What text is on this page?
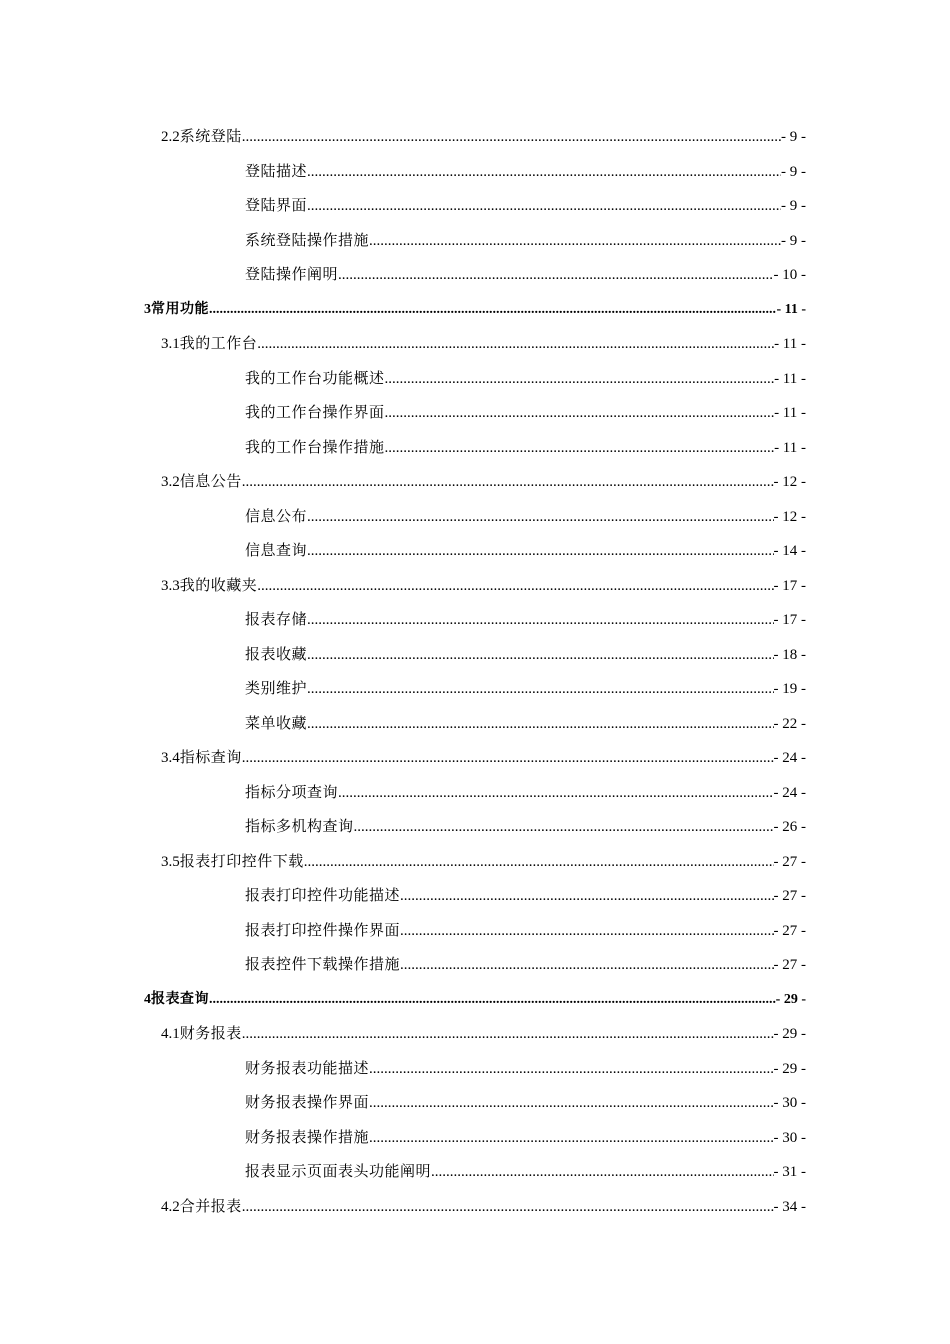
2.2 系统登陆 .....	- 9 -
登陆描述 .....	- 9 -
登陆界面 .....	- 9 -
系统登陆操作措施 .....	- 9 -
登陆操作阐明 .....	- 10 -
3 常用功能 .....	- 11 -
3.1 我的工作台 .....	- 11 -
我的工作台功能概述 .....	- 11 -
我的工作台操作界面 .....	- 11 -
我的工作台操作措施 .....	- 11 -
3.2 信息公告 .....	- 12 -
信息公布 .....	- 12 -
信息查询 .....	- 14 -
3.3 我的收藏夹 .....	- 17 -
报表存储 .....	- 17 -
报表收藏 .....	- 18 -
类别维护 .....	- 19 -
菜单收藏 .....	- 22 -
3.4 指标查询 .....	- 24 -
指标分项查询 .....	- 24 -
指标多机构查询 .....	- 26 -
3.5 报表打印控件下载 .....	- 27 -
报表打印控件功能描述 .....	- 27 -
报表打印控件操作界面 .....	- 27 -
报表控件下载操作措施 .....	- 27 -
4 报表查询 .....	- 29 -
4.1 财务报表 .....	- 29 -
财务报表功能描述 .....	- 29 -
财务报表操作界面 .....	- 30 -
财务报表操作措施 .....	- 30 -
报表显示页面表头功能阐明 .....	- 31 -
4.2 合并报表 .....	- 34 -
